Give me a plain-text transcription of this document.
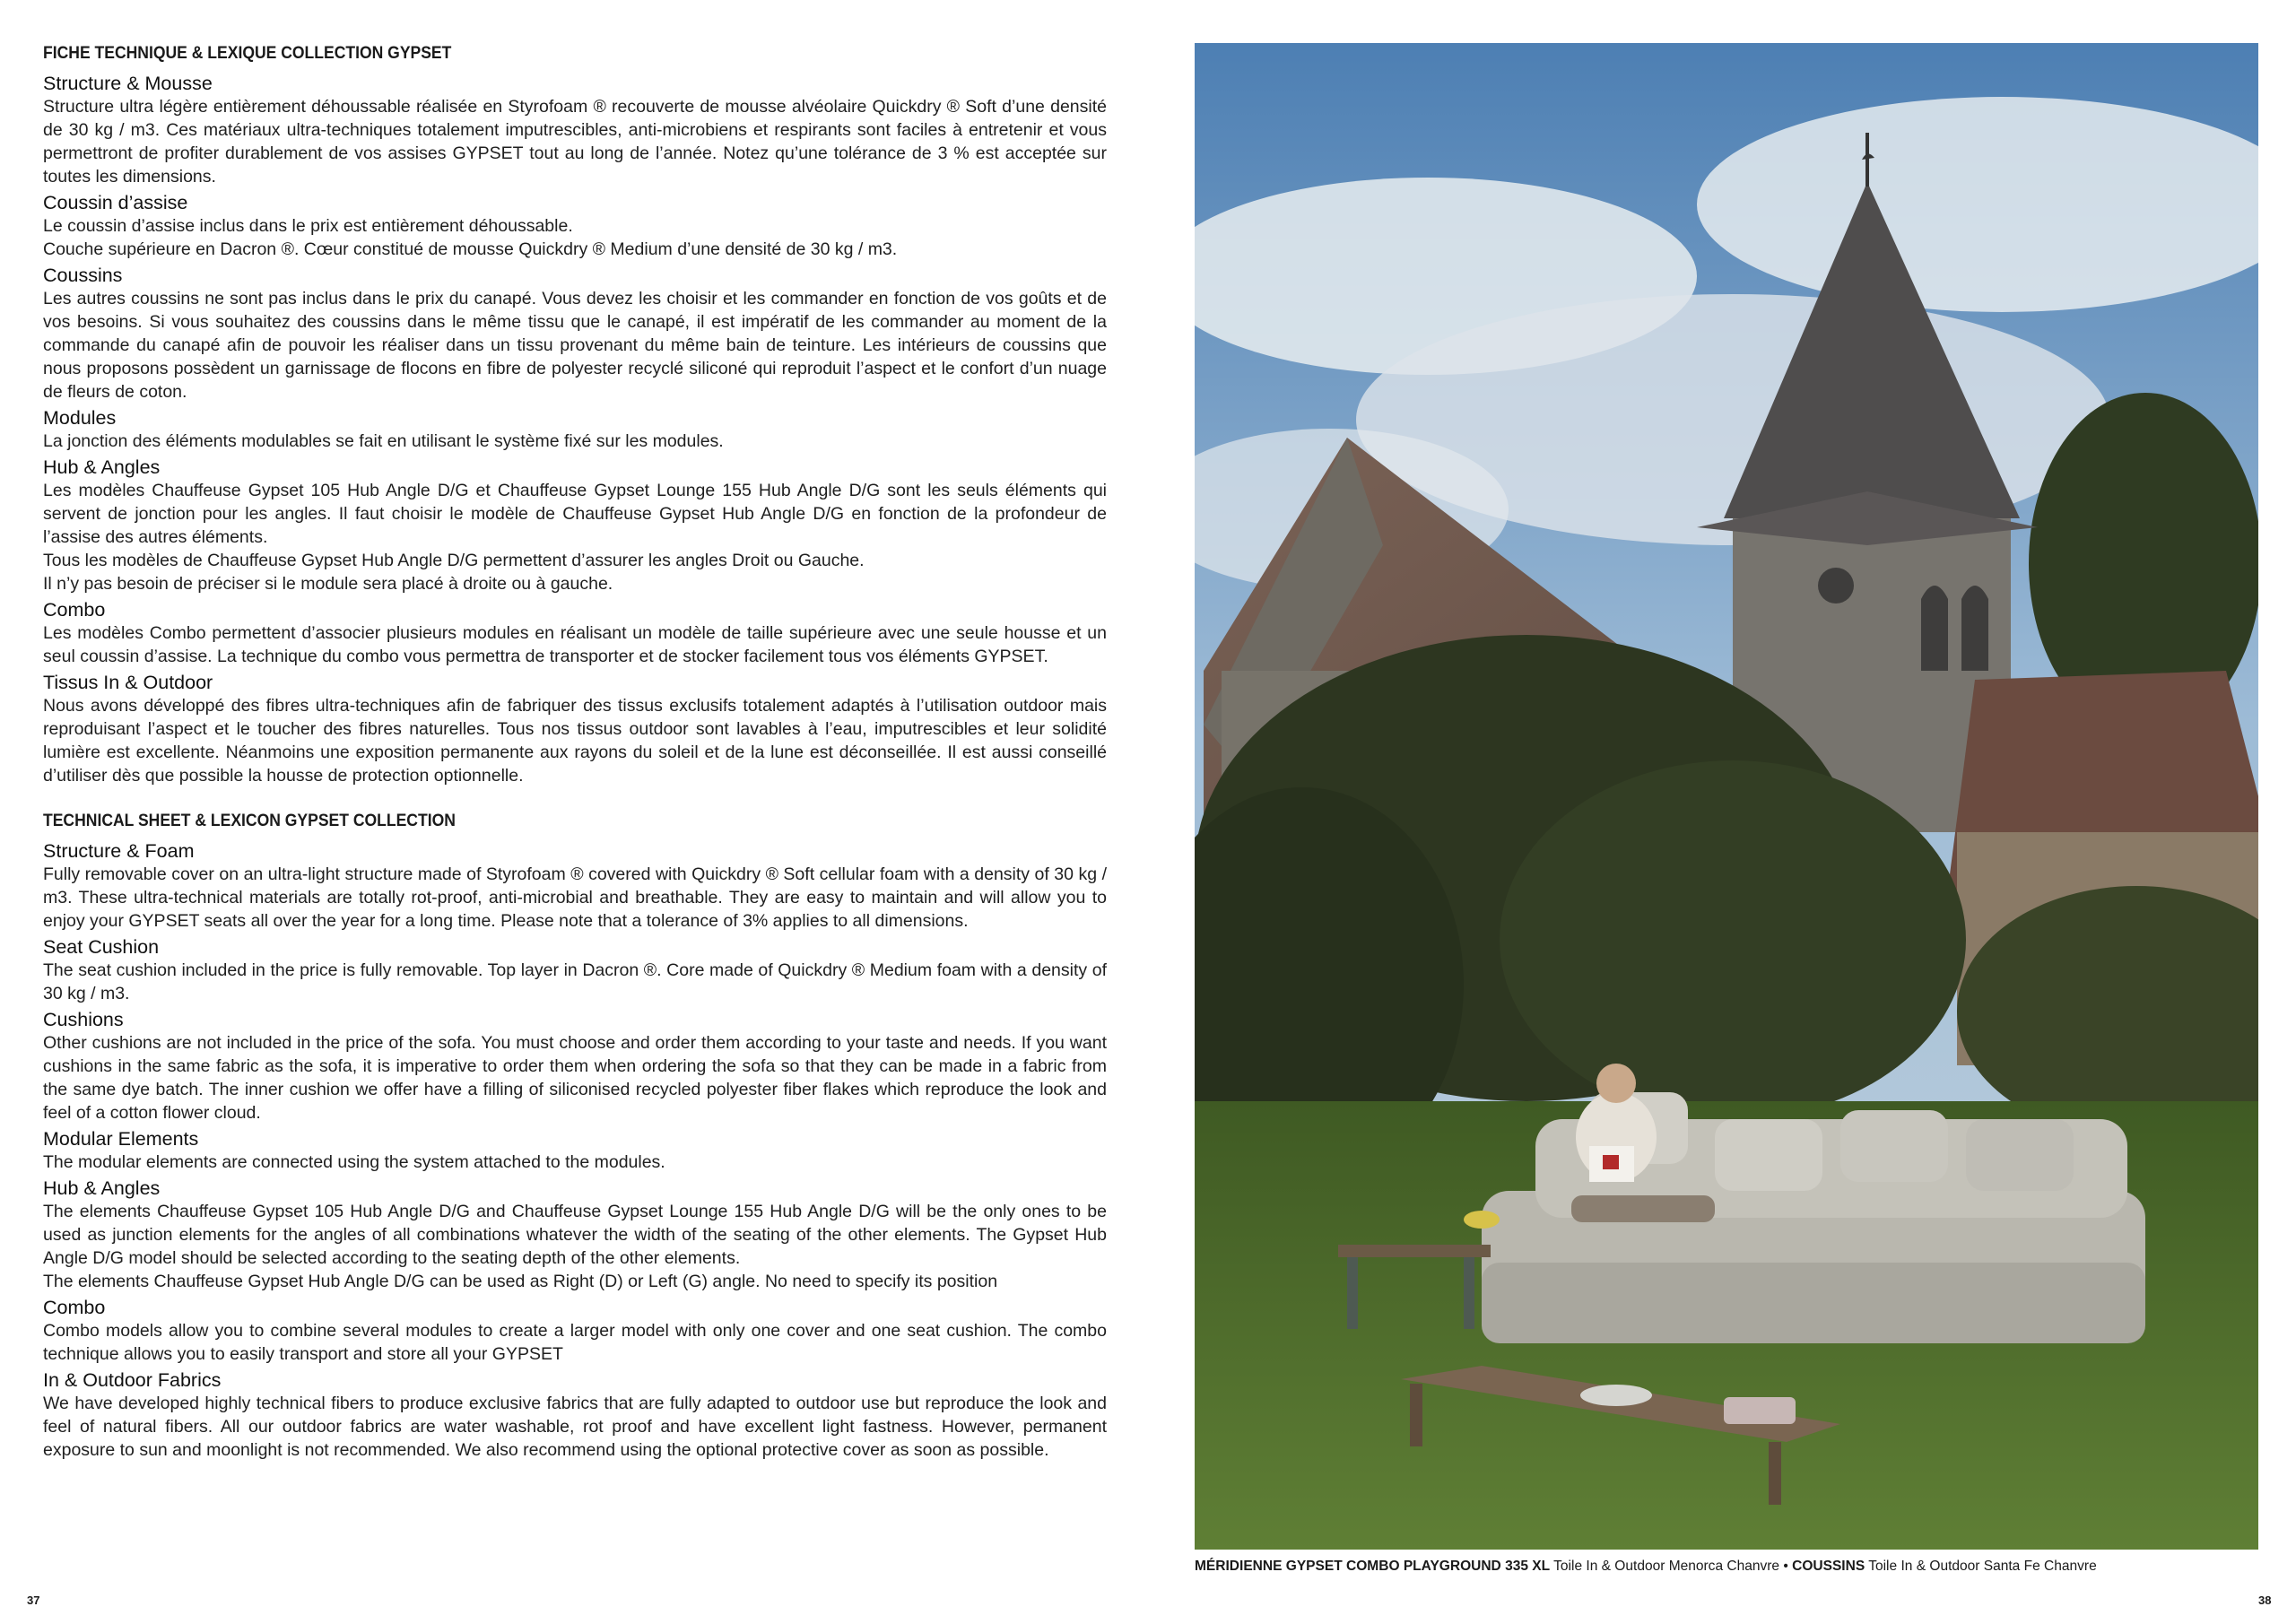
FICHE TECHNIQUE & LEXIQUE COLLECTION GYPSET
Structure & Mousse
Structure ultra légère entièrement déhoussable réalisée en Styrofoam ® recouverte de mousse alvéolaire Quickdry ® Soft d’une densité de 30 kg / m3. Ces matériaux ultra-techniques totalement imputrescibles, anti-microbiens et respirants sont faciles à entretenir et vous permettront de profiter durablement de vos assises GYPSET tout au long de l’année. Notez qu’une tolérance de 3 % est acceptée sur toutes les dimensions.
Coussin d’assise
Le coussin d’assise inclus dans le prix est entièrement déhoussable.
Couche supérieure en Dacron ®. Cœur constitué de mousse Quickdry ® Medium d’une densité de 30 kg / m3.
Coussins
Les autres coussins ne sont pas inclus dans le prix du canapé. Vous devez les choisir et les commander en fonction de vos goûts et de vos besoins. Si vous souhaitez des coussins dans le même tissu que le canapé, il est impératif de les commander au moment de la commande du canapé afin de pouvoir les réaliser dans un tissu provenant du même bain de teinture. Les intérieurs de coussins que nous proposons possèdent un garnissage de flocons en fibre de polyester recyclé siliconé qui reproduit l’aspect et le confort d’un nuage de fleurs de coton.
Modules
La jonction des éléments modulables se fait en utilisant le système fixé sur les modules.
Hub & Angles
Les modèles Chauffeuse Gypset 105 Hub Angle D/G et Chauffeuse Gypset Lounge 155 Hub Angle D/G sont les seuls éléments qui servent de jonction pour les angles. Il faut choisir le modèle de Chauffeuse Gypset Hub Angle D/G en fonction de la profondeur de l’assise des autres éléments.
Tous les modèles de Chauffeuse Gypset Hub Angle D/G permettent d’assurer les angles Droit ou Gauche.
Il n’y pas besoin de préciser si le module sera placé à droite ou à gauche.
Combo
Les modèles Combo permettent d’associer plusieurs modules en réalisant un modèle de taille supérieure avec une seule housse et un seul coussin d’assise. La technique du combo vous permettra de transporter et de stocker facilement tous vos éléments GYPSET.
Tissus In & Outdoor
Nous avons développé des fibres ultra-techniques afin de fabriquer des tissus exclusifs totalement adaptés à l’utilisation outdoor mais reproduisant l’aspect et le toucher des fibres naturelles. Tous nos tissus outdoor sont lavables à l’eau, imputrescibles et leur solidité lumière est excellente. Néanmoins une exposition permanente aux rayons du soleil et de la lune est déconseillée. Il est aussi conseillé d’utiliser dès que possible la housse de protection optionnelle.
TECHNICAL SHEET & LEXICON GYPSET COLLECTION
Structure & Foam
Fully removable cover on an ultra-light structure made of Styrofoam ® covered with Quickdry ® Soft cellular foam with a density of 30 kg / m3. These ultra-technical materials are totally rot-proof, anti-microbial and breathable. They are easy to maintain and will allow you to enjoy your GYPSET seats all over the year for a long time. Please note that a tolerance of 3% applies to all dimensions.
Seat Cushion
The seat cushion included in the price is fully removable. Top layer in Dacron ®. Core made of Quickdry ® Medium foam with a density of 30 kg / m3.
Cushions
Other cushions are not included in the price of the sofa. You must choose and order them according to your taste and needs. If you want cushions in the same fabric as the sofa, it is imperative to order them when ordering the sofa so that they can be made in a fabric from the same dye batch. The inner cushion we offer have a filling of siliconised recycled polyester fiber flakes which reproduce the look and feel of a cotton flower cloud.
Modular Elements
The modular elements are connected using the system attached to the modules.
Hub & Angles
The elements Chauffeuse Gypset 105 Hub Angle D/G and Chauffeuse Gypset Lounge 155 Hub Angle D/G will be the only ones to be used as junction elements for the angles of all combinations whatever the width of the seating of the other elements. The Gypset Hub Angle D/G model should be selected according to the seating depth of the other elements.
The elements Chauffeuse Gypset Hub Angle D/G can be used as Right (D) or Left (G) angle. No need to specify its position
Combo
Combo models allow you to combine several modules to create a larger model with only one cover and one seat cushion. The combo technique allows you to easily transport and store all your GYPSET
In & Outdoor Fabrics
We have developed highly technical fibers to produce exclusive fabrics that are fully adapted to outdoor use but reproduce the look and feel of natural fibers. All our outdoor fabrics are water washable, rot proof and have excellent light fastness. However, permanent exposure to sun and moonlight is not recommended. We also recommend using the optional protective cover as soon as possible.
37	38
MÉRIDIENNE GYPSET COMBO PLAYGROUND 335 XL Toile In & Outdoor Menorca Chanvre • COUSSINS Toile In & Outdoor Santa Fe Chanvre
